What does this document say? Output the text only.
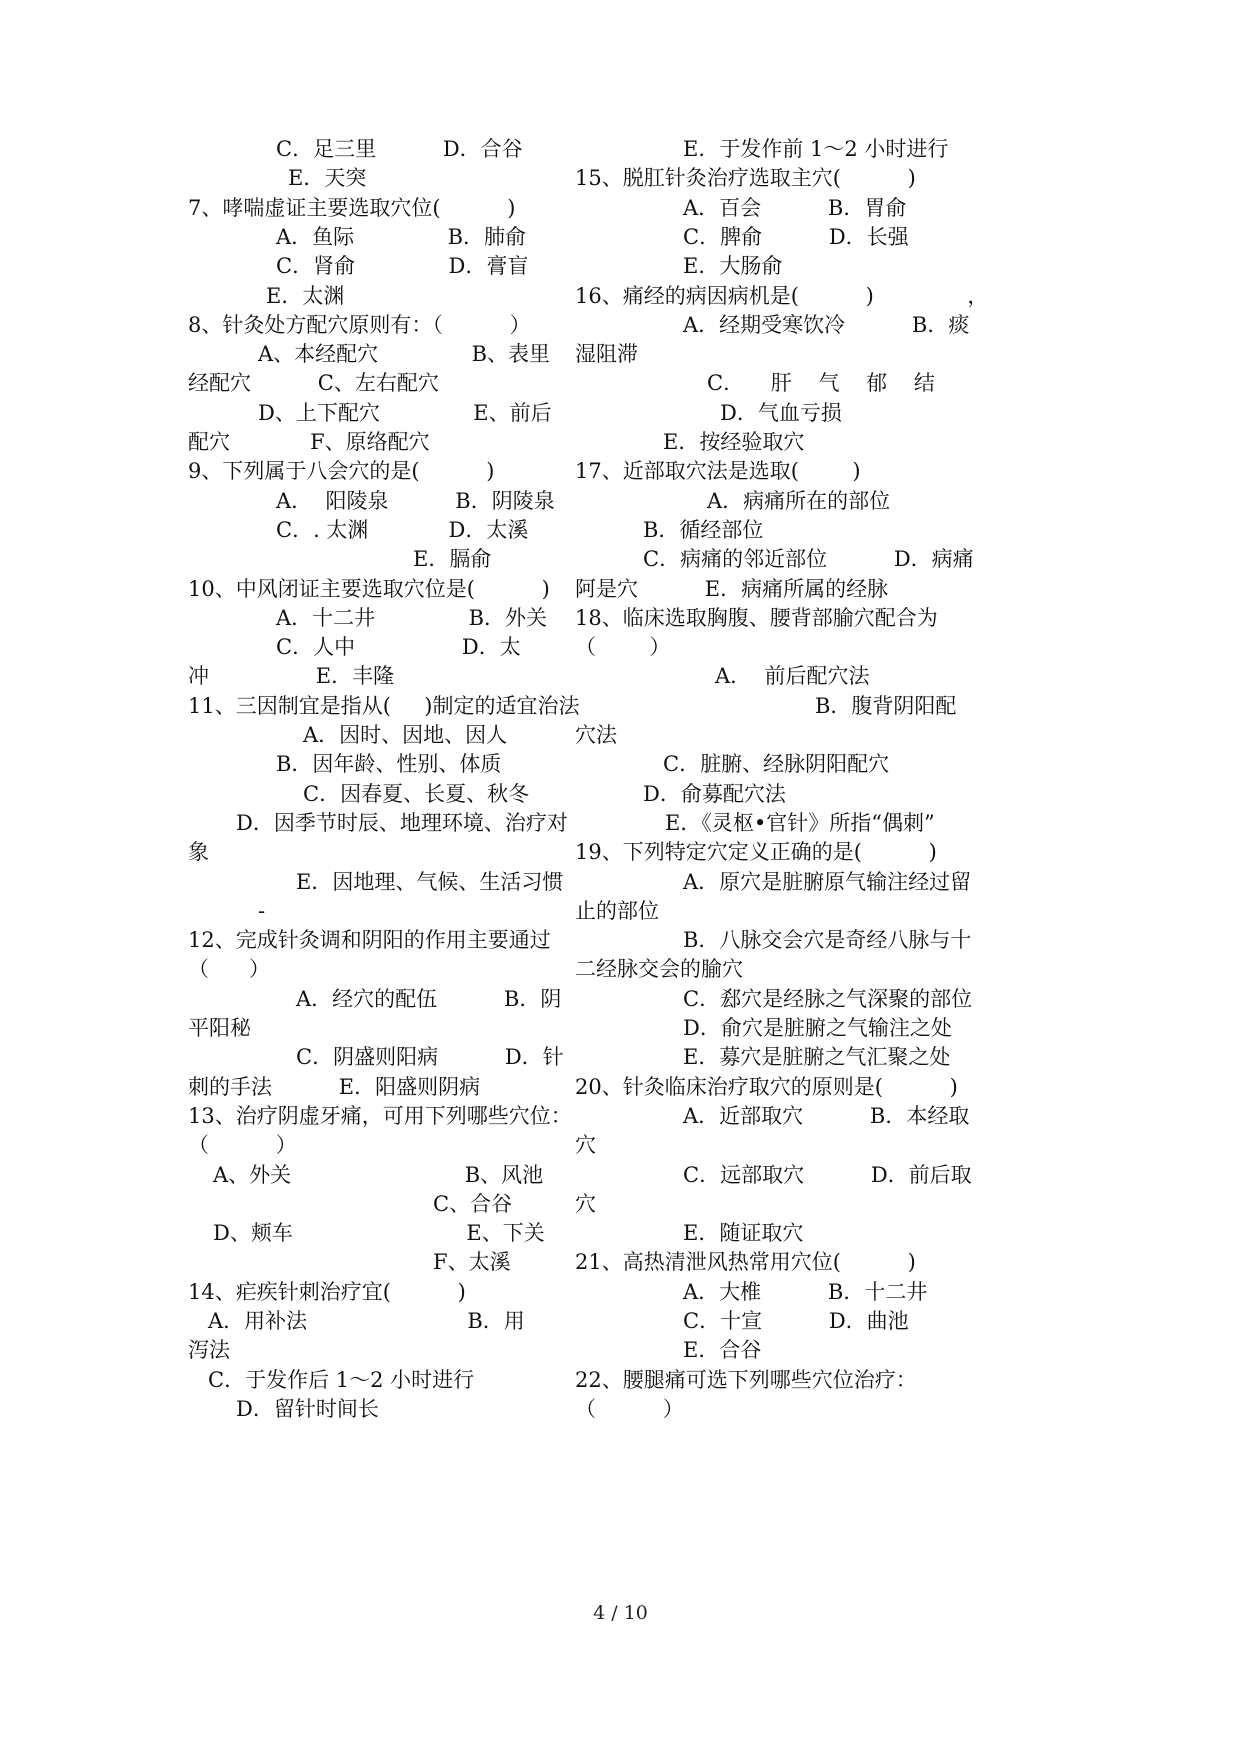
C．足三里          D．合谷
E．天突
7、哮喘虚证主要选取穴位(          )
A．鱼际              B．肺俞
C．肾俞              D．膏盲
E．太渊
8、针灸处方配穴原则有：（          ）
A、本经配穴              B、表里
经配穴          C、左右配穴
D、上下配穴              E、前后
配穴            F、原络配穴
9、下列属于八会穴的是(          )
A．  阳陵泉          B．阴陵泉
C．. 太渊            D．太溪
E．膈俞
10、中风闭证主要选取穴位是(          )
A．十二井              B．外关
C．人中                D．太
冲                E．丰隆
11、三因制宜是指从(     )制定的适宜治法
A．因时、因地、因人
B．因年龄、性别、体质
C．因春夏、长夏、秋冬
D．因季节时辰、地理环境、治疗对
象
E．因地理、气候、生活习惯
-
12、完成针灸调和阴阳的作用主要通过
（      ）
A．经穴的配伍          B．阴
平阳秘
C．阴盛则阳病          D．针
刺的手法          E．阳盛则阴病
13、治疗阴虚牙痛，可用下列哪些穴位：
（          ）
A、外关                          B、风池
C、合谷
D、颊车                          E、下关
F、太溪
14、疟疾针刺治疗宜(          )
A．用补法                        B．用
泻法
C．于发作后 1～2 小时进行
D．留针时间长
E．于发作前 1～2 小时进行
15、脱肛针灸治疗选取主穴(          )
A．百会          B．胃俞
C．脾俞          D．长强
E．大肠俞
16、痛经的病因病机是(          )              ，
A．经期受寒饮冷          B．痰
湿阻滞
C．    肝    气    郁    结
D．气血亏损
E．按经验取穴
17、近部取穴法是选取(        )
A．病痛所在的部位
B．循经部位
C．病痛的邻近部位          D．病痛
阿是穴          E．病痛所属的经脉
18、临床选取胸腹、腰背部腧穴配合为
（        ）
A．  前后配穴法
B．腹背阴阳配
穴法
C．脏腑、经脉阴阳配穴
D．俞募配穴法
E．《灵枢•官针》所指“偶刺”
19、下列特定穴定义正确的是(          )
A．原穴是脏腑原气输注经过留
止的部位
B．八脉交会穴是奇经八脉与十
二经脉交会的腧穴
C．郄穴是经脉之气深聚的部位
D．俞穴是脏腑之气输注之处
E．募穴是脏腑之气汇聚之处
20、针灸临床治疗取穴的原则是(          )
A．近部取穴          B．本经取
穴
C．远部取穴          D．前后取
穴
E．随证取穴
21、高热清泄风热常用穴位(          )
A．大椎          B．十二井
C．十宣          D．曲池
E．合谷
22、腰腿痛可选下列哪些穴位治疗：
（          ）
4 / 10
